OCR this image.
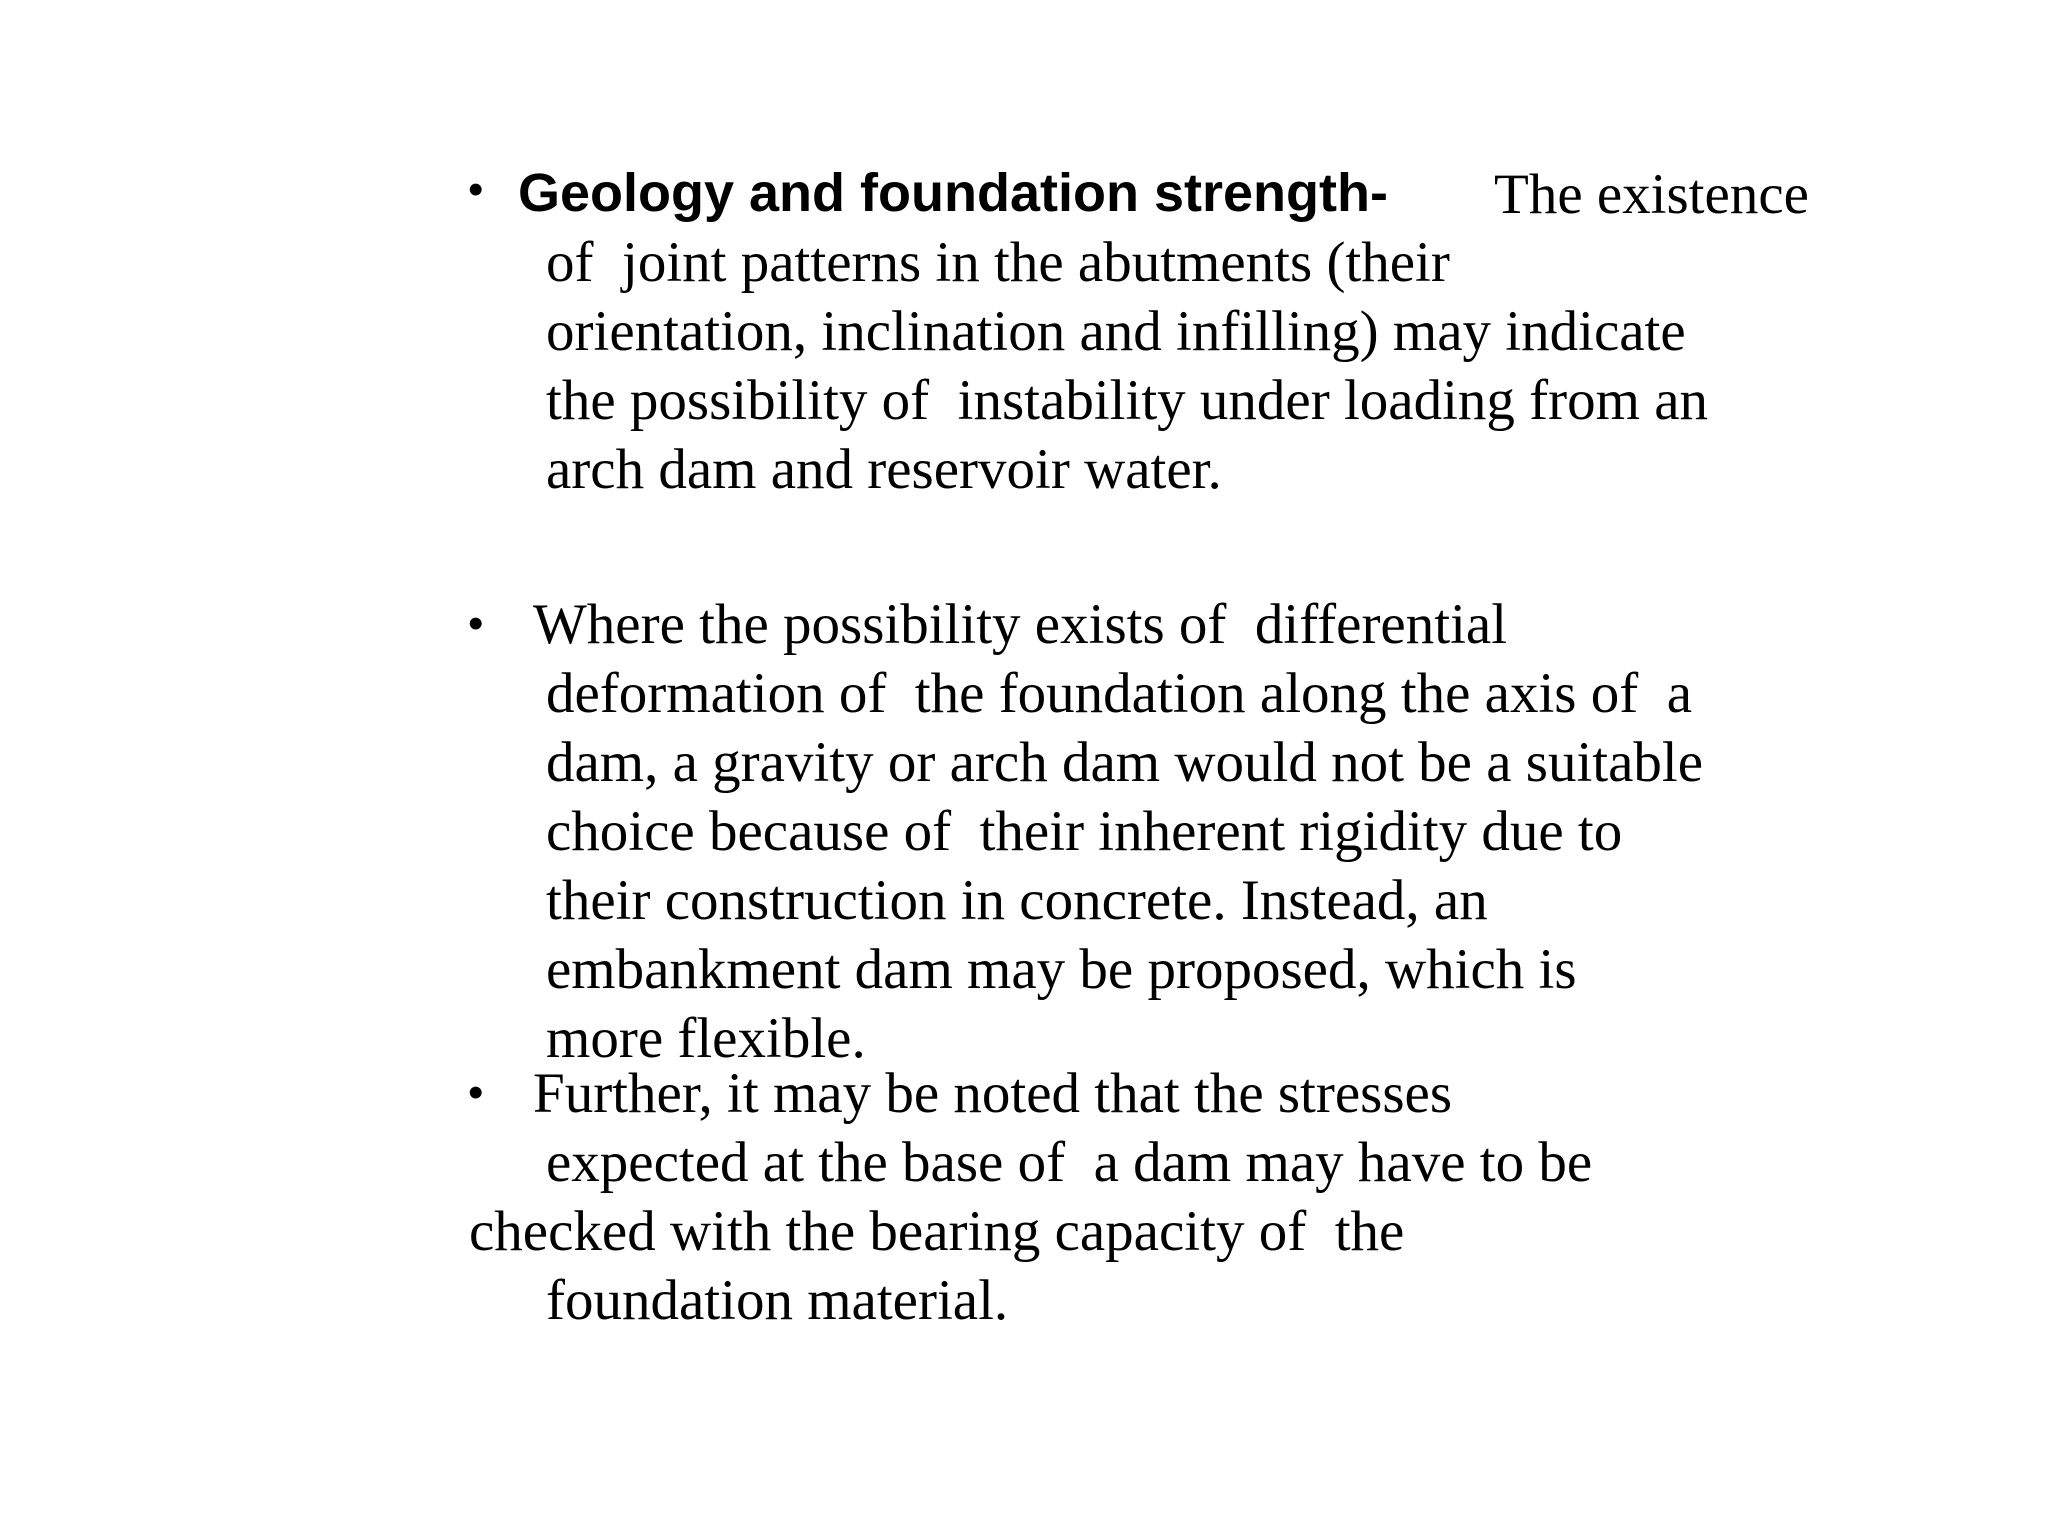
• Geology and foundation strength- The existence
of  joint patterns in the abutments (their
orientation, inclination and infilling) may indicate
the possibility of  instability under loading from an
arch dam and reservoir water.
• Where the possibility exists of  differential
deformation of  the foundation along the axis of  a
dam, a gravity or arch dam would not be a suitable
choice because of  their inherent rigidity due to
their construction in concrete. Instead, an
embankment dam may be proposed, which is
more flexible.
• Further, it may be noted that the stresses
expected at the base of  a dam may have to be
checked with the bearing capacity of  the
foundation material.
